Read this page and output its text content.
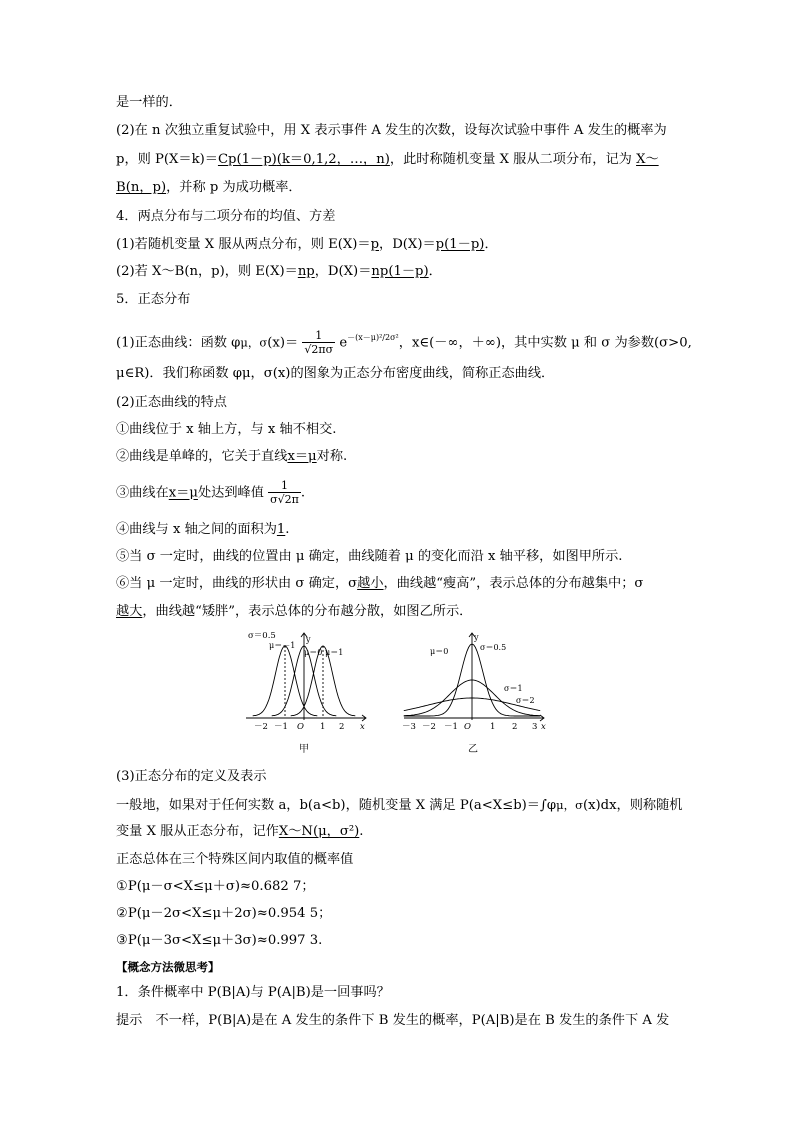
是一样的．
(2)在 n 次独立重复试验中，用 X 表示事件 A 发生的次数，设每次试验中事件 A 发生的概率为
p，则 P(X＝k)＝Cp(1－p)(k＝0,1,2，…，n)，此时称随机变量 X 服从二项分布，记为 X～
B(n，p)，并称 p 为成功概率．
4．两点分布与二项分布的均值、方差
(1)若随机变量 X 服从两点分布，则 E(X)＝p，D(X)＝p(1－p)．
(2)若 X～B(n，p)，则 E(X)＝np，D(X)＝np(1－p)．
5．正态分布
(1)正态曲线：函数 φμ，$\sigma(x)= \frac{1}{√2\pi\sigma} e^{-(x-\mu)^2/2\sigma^2}$，x∈(－∞，＋∞)，其中实数 μ 和 σ 为参数(σ>0,
μ∈R)．我们称函数 φμ，σ(x)的图象为正态分布密度曲线，简称正态曲线．
(2)正态曲线的特点
①曲线位于 x 轴上方，与 x 轴不相交.
②曲线是单峰的，它关于直线x＝μ对称.
③曲线在x＝μ处达到峰值 $\frac{1}{\sigma√2\pi}$ .
④曲线与 x 轴之间的面积为1.
⑤当 σ 一定时，曲线的位置由 μ 确定，曲线随着 μ 的变化而沿 x 轴平移，如图甲所示.
⑥当 μ 一定时，曲线的形状由 σ 确定，σ越小，曲线越“瘦高”，表示总体的分布越集中；σ
越大，曲线越“矮胖”，表示总体的分布越分散，如图乙所示．
σ＝0.5
μ＝－1
y
μ＝0 μ＝1
－2 －1 O 1 2 x
甲
y
μ＝0	σ＝0.5
σ＝1
σ＝2
－3 －2 －1 O 1 2 3 x
乙
(3)正态分布的定义及表示
一般地，如果对于任何实数 a，b(a<b)，随机变量 X 满足 P(a<X≤b)＝∫φμ，σ(x)dx，则称随机
变量 X 服从正态分布，记作X～N(μ，σ²).
正态总体在三个特殊区间内取值的概率值
①P(μ－σ<X≤μ＋σ)≈0.682 7；
②P(μ－2σ<X≤μ＋2σ)≈0.954 5；
③P(μ－3σ<X≤μ＋3σ)≈0.997 3.
【概念方法微思考】
1．条件概率中 P(B|A)与 P(A|B)是一回事吗？
提示　不一样，P(B|A)是在 A 发生的条件下 B 发生的概率，P(A|B)是在 B 发生的条件下 A 发
